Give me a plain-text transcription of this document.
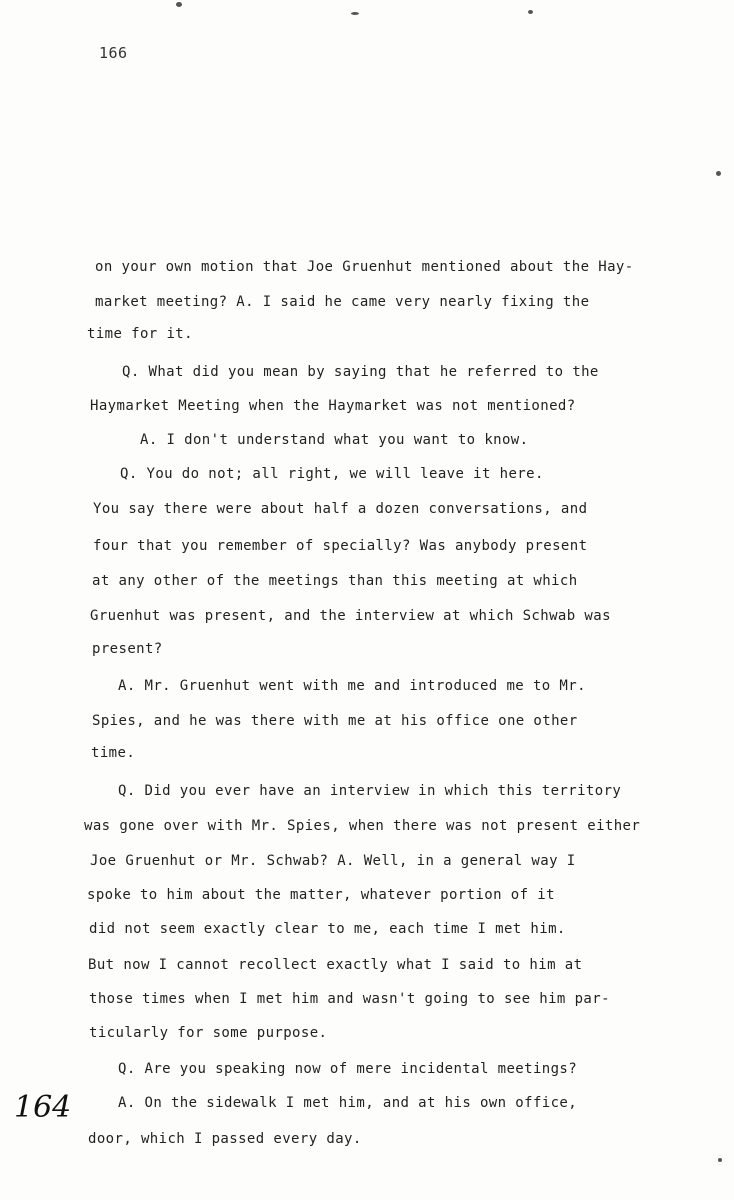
166
on your own motion that Joe Gruenhut mentioned about the Hay-
market meeting? A. I said he came very nearly fixing the
time for it.
Q. What did you mean by saying that he referred to the
Haymarket Meeting when the Haymarket was not mentioned?
A. I don't understand what you want to know.
Q. You do not; all right, we will leave it here.
You say there were about half a dozen conversations, and
four that you remember of specially? Was anybody present
at any other of the meetings than this meeting at which
Gruenhut was present, and the interview at which Schwab was
present?
A. Mr. Gruenhut went with me and introduced me to Mr.
Spies, and he was there with me at his office one other
time.
Q. Did you ever have an interview in which this territory
was gone over with Mr. Spies, when there was not present either
Joe Gruenhut or Mr. Schwab? A. Well, in a general way I
spoke to him about the matter, whatever portion of it
did not seem exactly clear to me, each time I met him.
But now I cannot recollect exactly what I said to him at
those times when I met him and wasn't going to see him par-
ticularly for some purpose.
Q. Are you speaking now of mere incidental meetings?
A. On the sidewalk I met him, and at his own office,
door, which I passed every day.
164
